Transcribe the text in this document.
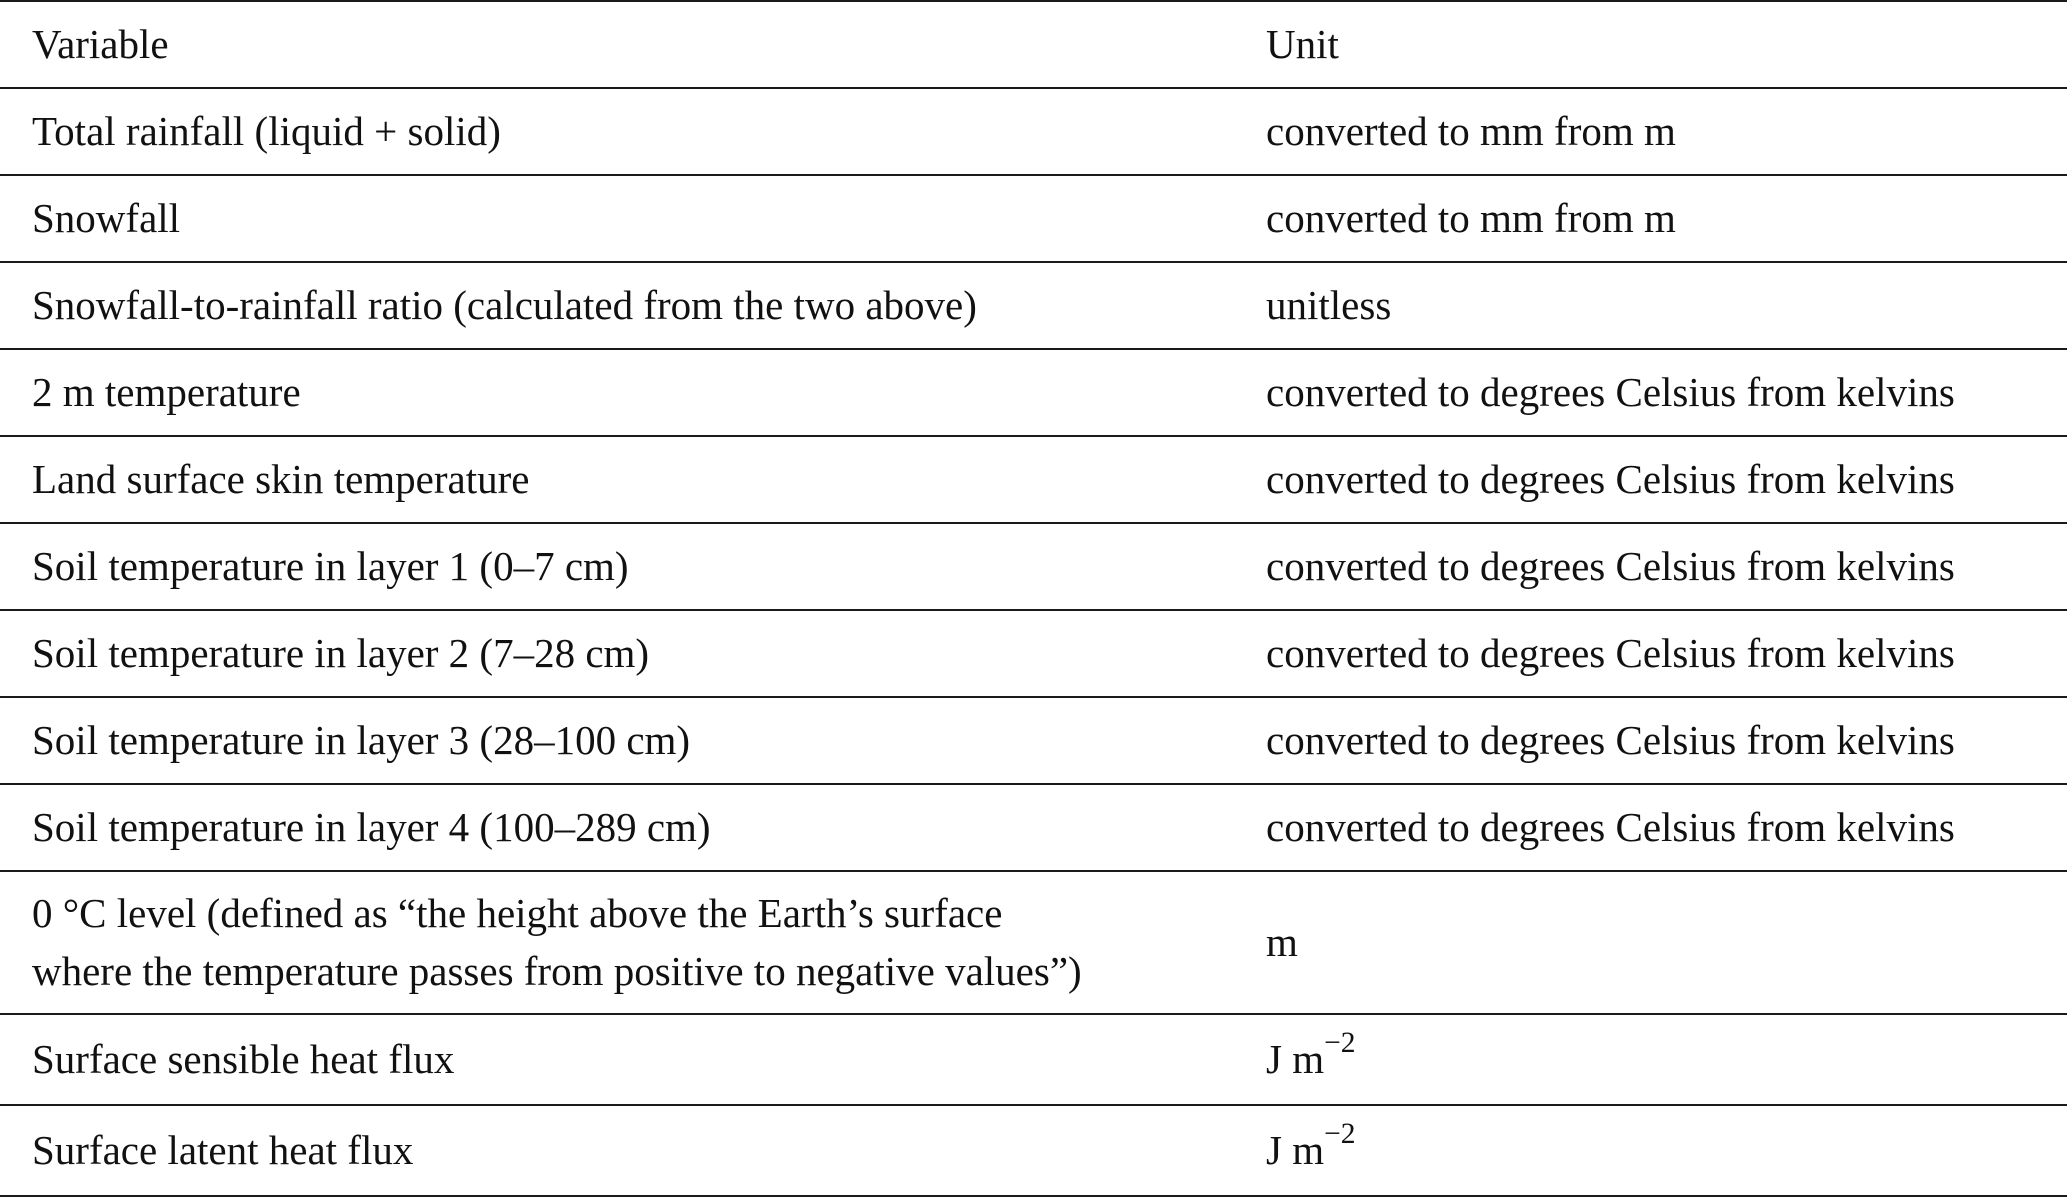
Variable	Unit
Total rainfall (liquid + solid)	converted to mm from m
Snowfall	converted to mm from m
Snowfall-to-rainfall ratio (calculated from the two above)	unitless
2 m temperature	converted to degrees Celsius from kelvins
Land surface skin temperature	converted to degrees Celsius from kelvins
Soil temperature in layer 1 (0–7 cm)	converted to degrees Celsius from kelvins
Soil temperature in layer 2 (7–28 cm)	converted to degrees Celsius from kelvins
Soil temperature in layer 3 (28–100 cm)	converted to degrees Celsius from kelvins
Soil temperature in layer 4 (100–289 cm)	converted to degrees Celsius from kelvins

0 °C level (defined as “the height above the Earth’s surface
where the temperature passes from positive to negative values”)	m
Surface sensible heat flux	J $m^{-2}$
Surface latent heat flux	J $m^{-2}$
